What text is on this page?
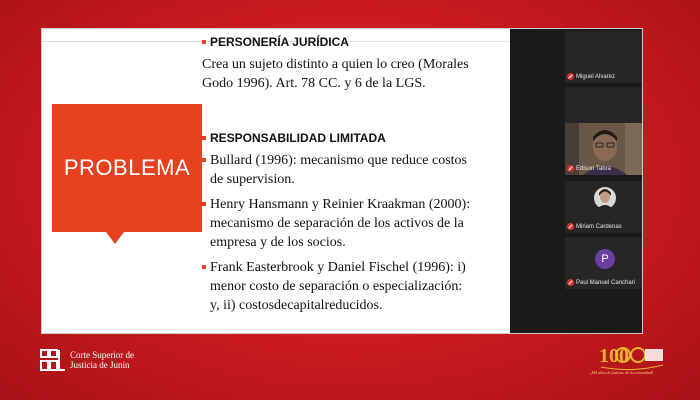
PROBLEMA
PERSONERÍA JURÍDICA
Crea un sujeto distinto a quien lo creo (Morales
Godo 1996). Art. 78 CC. y 6 de la LGS.
RESPONSABILIDAD LIMITADA
Bullard (1996): mecanismo que reduce costos
de supervision.
Henry Hansmann y Reinier Kraakman (2000):
mecanismo de separación de los activos de la
empresa y de los socios.
Frank Easterbrook y Daniel Fischel (1996): i)
menor costo de separación o especialización:
y, ii) costosdecapitalreducidos.
Miguel Alvarez
Edison Tabra
Miriam Cardenas
P
Paul Manuel Canchari
Corte Superior de
Justicia de Junín	100
¡Mil años de justicia, de la comunidad!
